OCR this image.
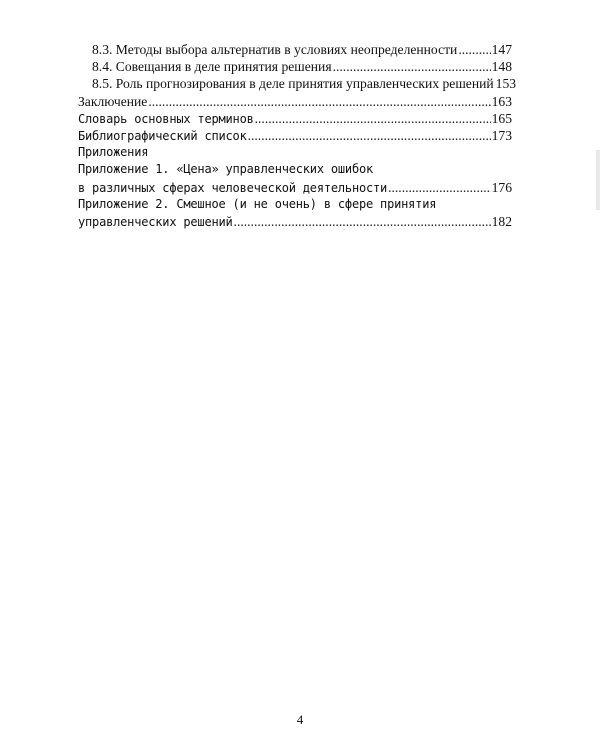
8.3. Методы выбора альтернатив в условиях неопределенности .....	147
8.4. Совещания в деле принятия решения .....	148
8.5. Роль прогнозирования в деле принятия управленческих решений 153
Заключение .....	163
Словарь основных терминов .....	165
Библиографический список .....	173
Приложения
Приложение 1. «Цена» управленческих ошибок
в различных сферах человеческой деятельности .....	176
Приложение 2. Смешное (и не очень) в сфере принятия
управленческих решений .....	182
4
